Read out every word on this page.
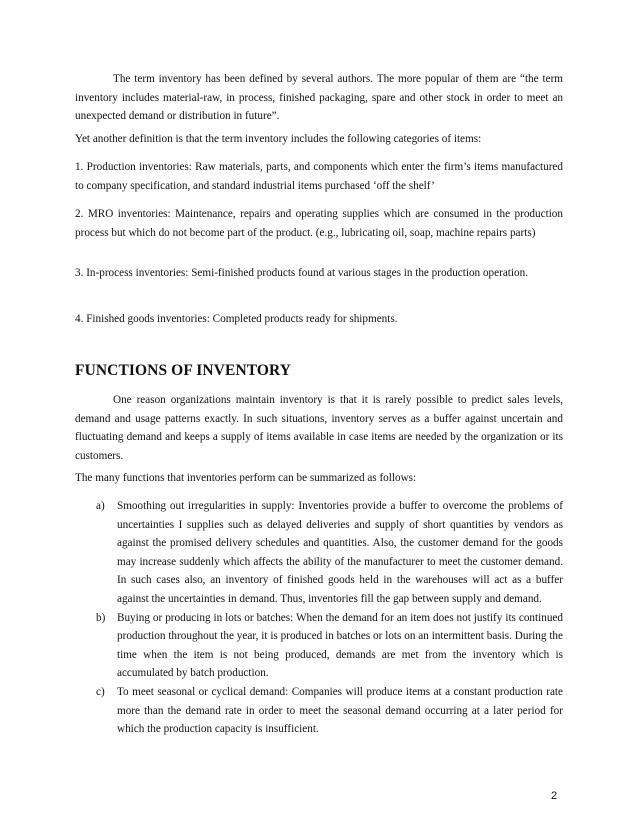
The term inventory has been defined by several authors. The more popular of them are “the term inventory includes material-raw, in process, finished packaging, spare and other stock in order to meet an unexpected demand or distribution in future”.

Yet another definition is that the term inventory includes the following categories of items:

1. Production inventories: Raw materials, parts, and components which enter the firm’s items manufactured to company specification, and standard industrial items purchased ‘off the shelf’

2. MRO inventories: Maintenance, repairs and operating supplies which are consumed in the production process but which do not become part of the product. (e.g., lubricating oil, soap, machine repairs parts)

3. In-process inventories: Semi-finished products found at various stages in the production operation.

4. Finished goods inventories: Completed products ready for shipments.

FUNCTIONS OF INVENTORY

One reason organizations maintain inventory is that it is rarely possible to predict sales levels, demand and usage patterns exactly. In such situations, inventory serves as a buffer against uncertain and fluctuating demand and keeps a supply of items available in case items are needed by the organization or its customers.

The many functions that inventories perform can be summarized as follows:

a) Smoothing out irregularities in supply: Inventories provide a buffer to overcome the problems of uncertainties I supplies such as delayed deliveries and supply of short quantities by vendors as against the promised delivery schedules and quantities. Also, the customer demand for the goods may increase suddenly which affects the ability of the manufacturer to meet the customer demand. In such cases also, an inventory of finished goods held in the warehouses will act as a buffer against the uncertainties in demand. Thus, inventories fill the gap between supply and demand.
b) Buying or producing in lots or batches: When the demand for an item does not justify its continued production throughout the year, it is produced in batches or lots on an intermittent basis. During the time when the item is not being produced, demands are met from the inventory which is accumulated by batch production.
c) To meet seasonal or cyclical demand: Companies will produce items at a constant production rate more than the demand rate in order to meet the seasonal demand occurring at a later period for which the production capacity is insufficient.
2
